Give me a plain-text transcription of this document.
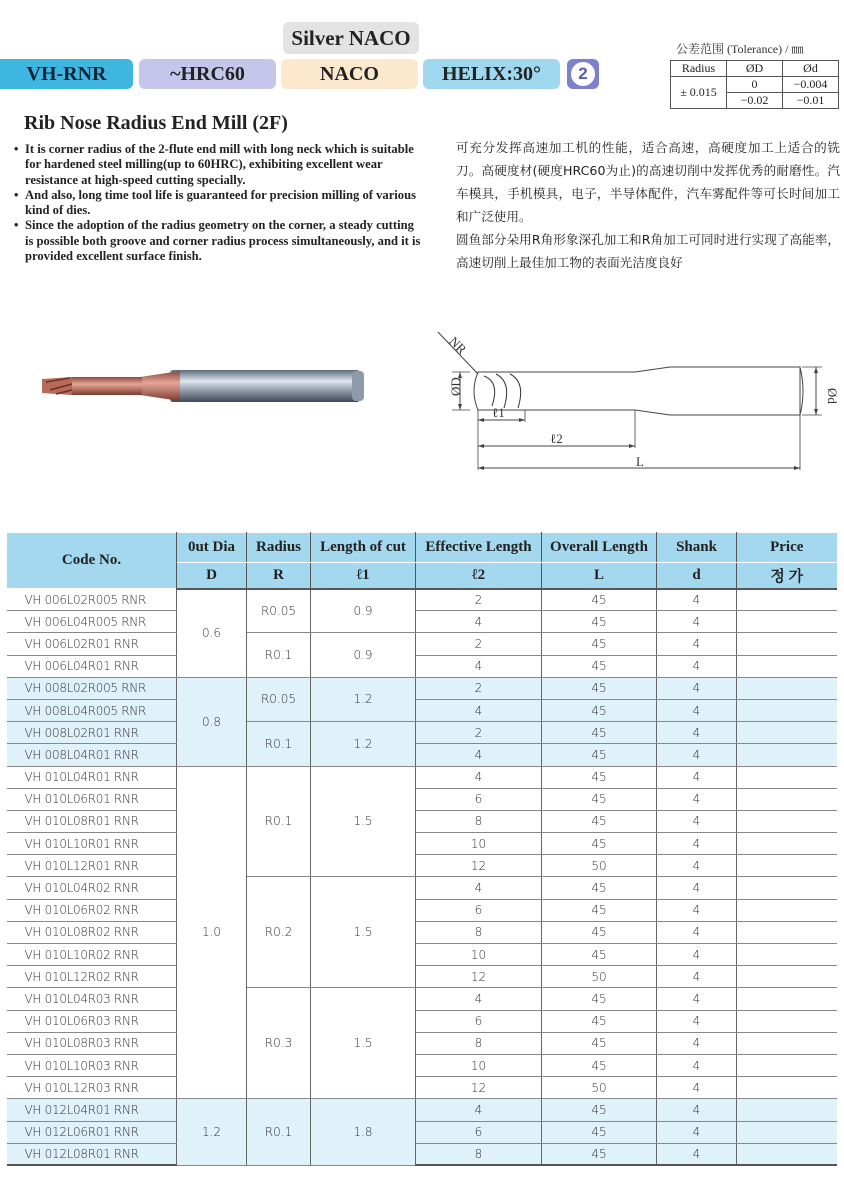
Silver NACO
VH-RNR	~HRC60	NACO	HELIX:30°	2
公差范围 (Tolerance) / ㎜
Radius	ØD	Ød
± 0.015	0	−0.004
	−0.02	−0.01
Rib Nose Radius End Mill (2F)
• It is corner radius of the 2-flute end mill with long neck which is suitable for hardened steel milling(up to 60HRC), exhibiting excellent wear resistance at high-speed cutting specially.
• And also, long time tool life is guaranteed for precision milling of various kind of dies.
• Since the adoption of the radius geometry on the corner, a steady cutting is possible both groove and corner radius process simultaneously, and it is provided excellent surface finish.

可充分发挥高速加工机的性能，适合高速，高硬度加工上适合的铣刀。高硬度材(硬度HRC60为止)的高速切削中发挥优秀的耐磨性。汽车模具，手机模具，电子，半导体配件，汽车雾配件等可长时间加工和广泛使用。

圆鱼部分朵用R角形象深孔加工和R角加工可同时进行实现了高能率，高速切削上最佳加工物的表面光洁度良好

NR
ØD
ℓ1
ℓ2
L
Ød
Code No.	0ut Dia	Radius	Length of cut	Effective Length	Overall Length	Shank	Price
	D	R	ℓ1	ℓ2	L	d	정 가
VH 006L02R005 RNR	0.6	R0.05	0.9	2	45	4	
VH 006L04R005 RNR				4	45	4	
VH 006L02R01 RNR		R0.1	0.9	2	45	4	
VH 006L04R01 RNR				4	45	4	
VH 008L02R005 RNR	0.8	R0.05	1.2	2	45	4	
VH 008L04R005 RNR				4	45	4	
VH 008L02R01 RNR		R0.1	1.2	2	45	4	
VH 008L04R01 RNR				4	45	4	
VH 010L04R01 RNR	1.0	R0.1	1.5	4	45	4	
VH 010L06R01 RNR				6	45	4	
VH 010L08R01 RNR				8	45	4	
VH 010L10R01 RNR				10	45	4	
VH 010L12R01 RNR				12	50	4	
VH 010L04R02 RNR		R0.2	1.5	4	45	4	
VH 010L06R02 RNR				6	45	4	
VH 010L08R02 RNR				8	45	4	
VH 010L10R02 RNR				10	45	4	
VH 010L12R02 RNR				12	50	4	
VH 010L04R03 RNR		R0.3	1.5	4	45	4	
VH 010L06R03 RNR				6	45	4	
VH 010L08R03 RNR				8	45	4	
VH 010L10R03 RNR				10	45	4	
VH 010L12R03 RNR				12	50	4	
VH 012L04R01 RNR	1.2	R0.1	1.8	4	45	4	
VH 012L06R01 RNR				6	45	4	
VH 012L08R01 RNR				8	45	4	
